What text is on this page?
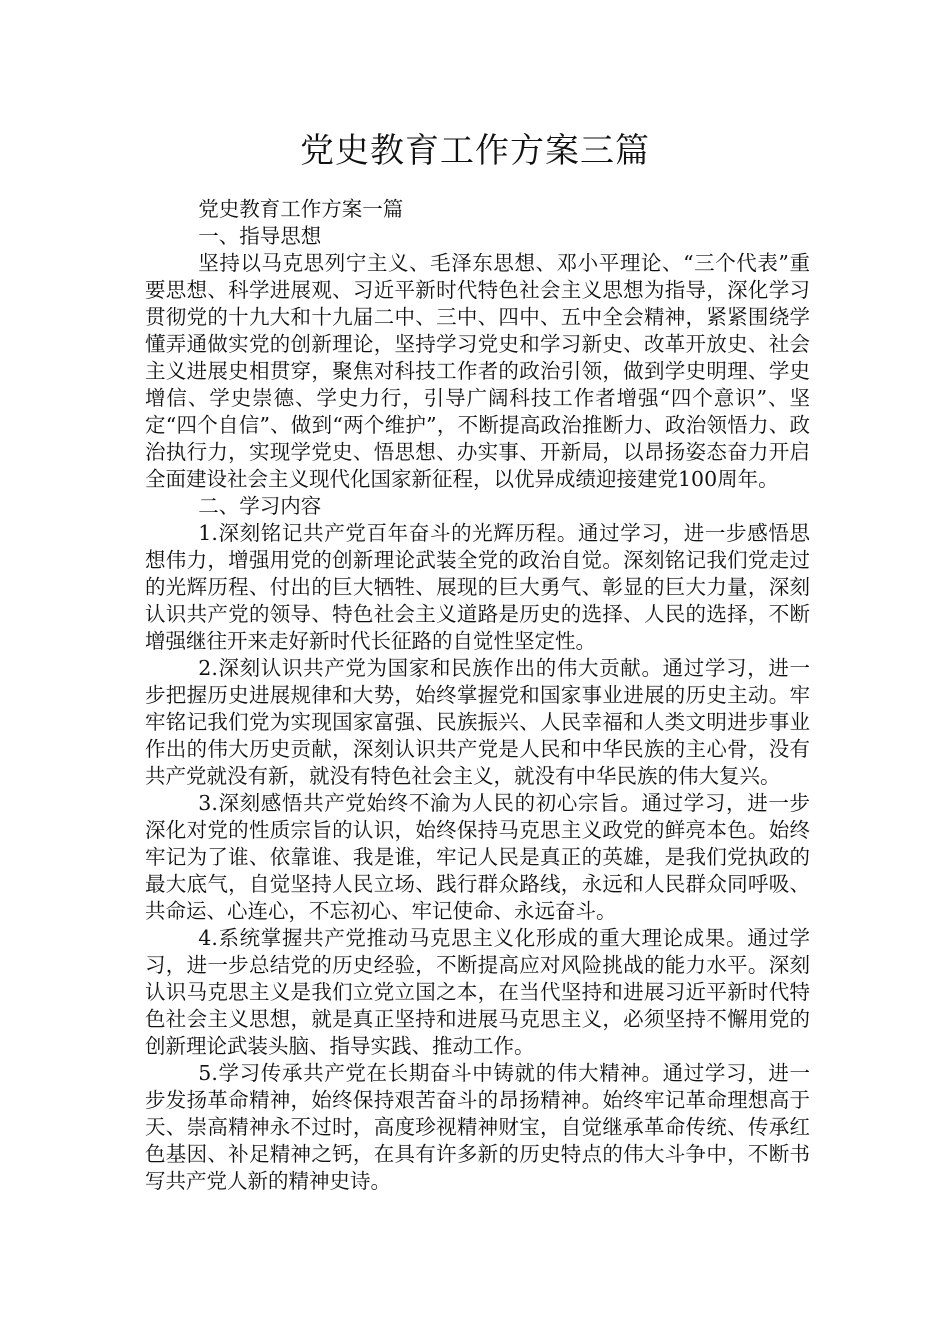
党史教育工作方案三篇

党史教育工作方案一篇

一、指导思想

坚持以马克思列宁主义、毛泽东思想、邓小平理论、“三个代表”重要思想、科学进展观、习近平新时代特色社会主义思想为指导，深化学习贯彻党的十九大和十九届二中、三中、四中、五中全会精神，紧紧围绕学懂弄通做实党的创新理论，坚持学习党史和学习新史、改革开放史、社会主义进展史相贯穿，聚焦对科技工作者的政治引领，做到学史明理、学史增信、学史崇德、学史力行，引导广阔科技工作者增强“四个意识”、坚定“四个自信”、做到“两个维护”，不断提高政治推断力、政治领悟力、政治执行力，实现学党史、悟思想、办实事、开新局，以昂扬姿态奋力开启全面建设社会主义现代化国家新征程，以优异成绩迎接建党100周年。

二、学习内容

1.深刻铭记共产党百年奋斗的光辉历程。通过学习，进一步感悟思想伟力，增强用党的创新理论武装全党的政治自觉。深刻铭记我们党走过的光辉历程、付出的巨大牺牲、展现的巨大勇气、彰显的巨大力量，深刻认识共产党的领导、特色社会主义道路是历史的选择、人民的选择，不断增强继往开来走好新时代长征路的自觉性坚定性。

2.深刻认识共产党为国家和民族作出的伟大贡献。通过学习，进一步把握历史进展规律和大势，始终掌握党和国家事业进展的历史主动。牢牢铭记我们党为实现国家富强、民族振兴、人民幸福和人类文明进步事业作出的伟大历史贡献，深刻认识共产党是人民和中华民族的主心骨，没有共产党就没有新，就没有特色社会主义，就没有中华民族的伟大复兴。

3.深刻感悟共产党始终不渝为人民的初心宗旨。通过学习，进一步深化对党的性质宗旨的认识，始终保持马克思主义政党的鲜亮本色。始终牢记为了谁、依靠谁、我是谁，牢记人民是真正的英雄，是我们党执政的最大底气，自觉坚持人民立场、践行群众路线，永远和人民群众同呼吸、共命运、心连心，不忘初心、牢记使命、永远奋斗。

4.系统掌握共产党推动马克思主义化形成的重大理论成果。通过学习，进一步总结党的历史经验，不断提高应对风险挑战的能力水平。深刻认识马克思主义是我们立党立国之本，在当代坚持和进展习近平新时代特色社会主义思想，就是真正坚持和进展马克思主义，必须坚持不懈用党的创新理论武装头脑、指导实践、推动工作。

5.学习传承共产党在长期奋斗中铸就的伟大精神。通过学习，进一步发扬革命精神，始终保持艰苦奋斗的昂扬精神。始终牢记革命理想高于天、崇高精神永不过时，高度珍视精神财宝，自觉继承革命传统、传承红色基因、补足精神之钙，在具有许多新的历史特点的伟大斗争中，不断书写共产党人新的精神史诗。
